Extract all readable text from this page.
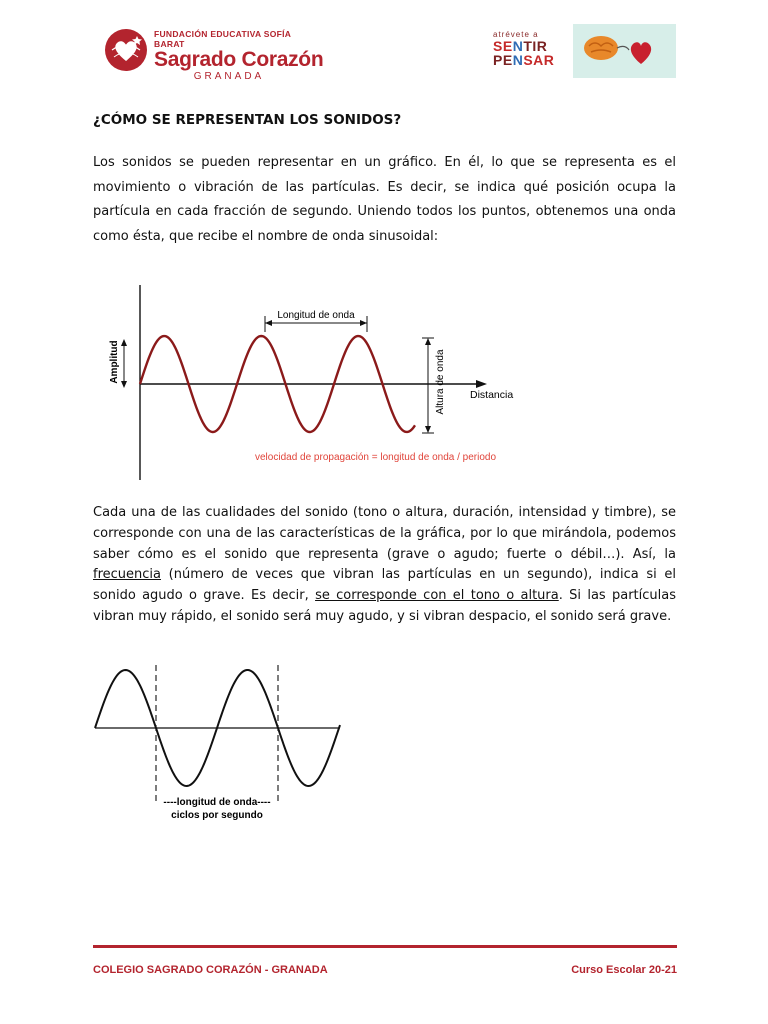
FUNDACIÓN EDUCATIVA SOFÍA BARAT
Sagrado Corazón
GRANADA
atrévete a
SENTIR
PENSAR
¿CÓMO SE REPRESENTAN LOS SONIDOS?
Los sonidos se pueden representar en un gráfico. En él, lo que se representa es el movimiento o vibración de las partículas. Es decir, se indica qué posición ocupa la partícula en cada fracción de segundo. Uniendo todos los puntos, obtenemos una onda como ésta, que recibe el nombre de onda sinusoidal:
Amplitud
Longitud de onda
Altura de onda Distancia
velocidad de propagación = longitud de onda / periodo
Cada una de las cualidades del sonido (tono o altura, duración, intensidad y timbre), se corresponde con una de las características de la gráfica, por lo que mirándola, podemos saber cómo es el sonido que representa (grave o agudo; fuerte o débil…). Así, la frecuencia (número de veces que vibran las partículas en un segundo), indica si el sonido agudo o grave. Es decir, se corresponde con el tono o altura. Si las partículas vibran muy rápido, el sonido será muy agudo, y si vibran despacio, el sonido será grave.
----longitud de onda----
ciclos por segundo
COLEGIO SAGRADO CORAZÓN - GRANADA	Curso Escolar 20-21
